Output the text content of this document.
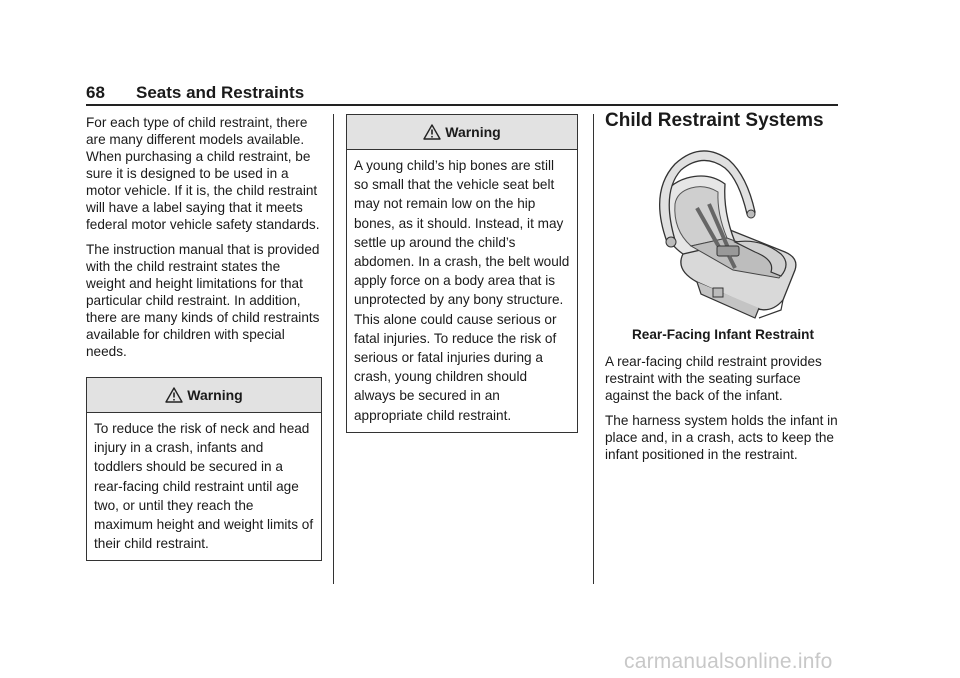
68 Seats and Restraints

For each type of child restraint, there are many different models available. When purchasing a child restraint, be sure it is designed to be used in a motor vehicle. If it is, the child restraint will have a label saying that it meets federal motor vehicle safety standards.

The instruction manual that is provided with the child restraint states the weight and height limitations for that particular child restraint. In addition, there are many kinds of child restraints available for children with special needs.

Warning
To reduce the risk of neck and head injury in a crash, infants and toddlers should be secured in a rear-facing child restraint until age two, or until they reach the maximum height and weight limits of their child restraint.
Warning
A young child’s hip bones are still so small that the vehicle seat belt may not remain low on the hip bones, as it should. Instead, it may settle up around the child’s abdomen. In a crash, the belt would apply force on a body area that is unprotected by any bony structure. This alone could cause serious or fatal injuries. To reduce the risk of serious or fatal injuries during a crash, young children should always be secured in an appropriate child restraint.
Child Restraint Systems
Rear-Facing Infant Restraint

A rear-facing child restraint provides restraint with the seating surface against the back of the infant.

The harness system holds the infant in place and, in a crash, acts to keep the infant positioned in the restraint.

carmanualsonline.info
